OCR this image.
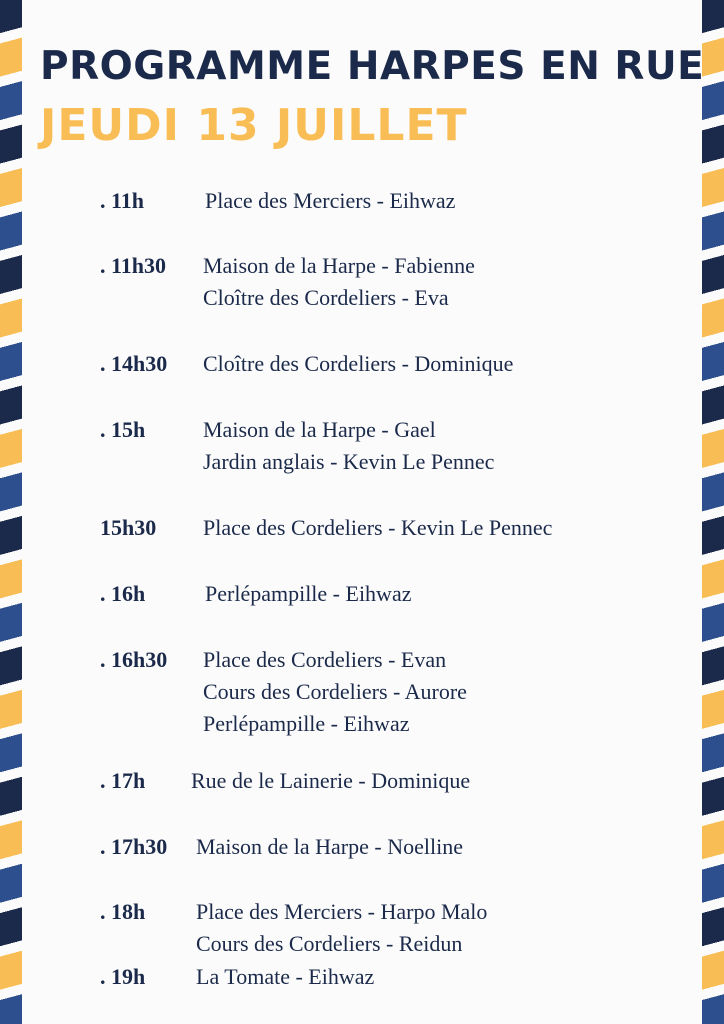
PROGRAMME HARPES EN RUE
JEUDI 13 JUILLET
. 11h	Place des Merciers - Eihwaz
. 11h30 Maison de la Harpe - Fabienne
Cloître des Cordeliers - Eva
. 14h30 Cloître des Cordeliers - Dominique
. 15h	Maison de la Harpe - Gael
Jardin anglais - Kevin Le Pennec
15h30 Place des Cordeliers - Kevin Le Pennec
. 16h	Perlépampille - Eihwaz
. 16h30 Place des Cordeliers - Evan
Cours des Cordeliers - Aurore
Perlépampille - Eihwaz
. 17h Rue de le Lainerie - Dominique
. 17h30 Maison de la Harpe - Noelline
. 18h Place des Merciers - Harpo Malo
Cours des Cordeliers - Reidun
. 19h La Tomate - Eihwaz
